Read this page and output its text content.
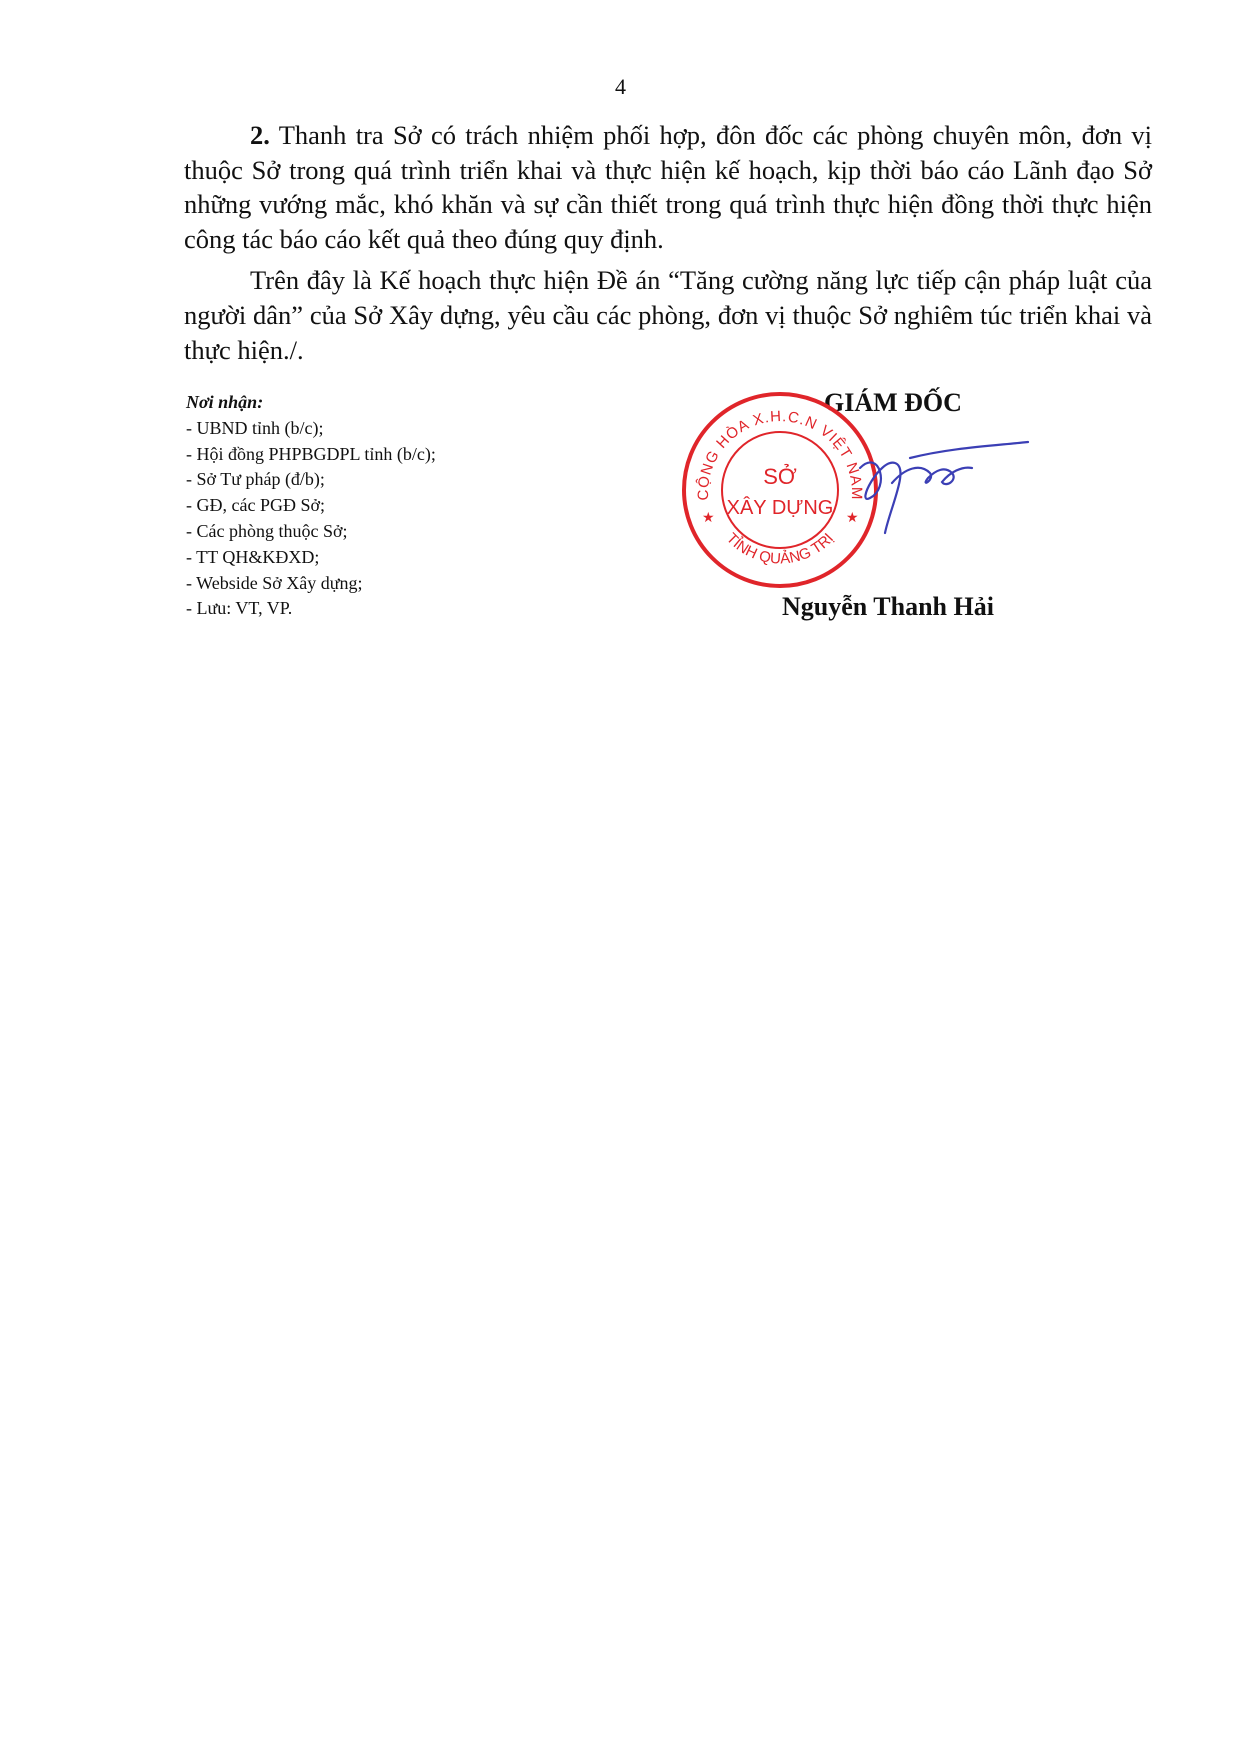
4

2. Thanh tra Sở có trách nhiệm phối hợp, đôn đốc các phòng chuyên môn, đơn vị thuộc Sở trong quá trình triển khai và thực hiện kế hoạch, kịp thời báo cáo Lãnh đạo Sở những vướng mắc, khó khăn và sự cần thiết trong quá trình thực hiện đồng thời thực hiện công tác báo cáo kết quả theo đúng quy định.

Trên đây là Kế hoạch thực hiện Đề án “Tăng cường năng lực tiếp cận pháp luật của người dân” của Sở Xây dựng, yêu cầu các phòng, đơn vị thuộc Sở nghiêm túc triển khai và thực hiện./.

Nơi nhận:
- UBND tỉnh (b/c);
- Hội đồng PHPBGDPL tỉnh (b/c);
- Sở Tư pháp (đ/b);
- GĐ, các PGĐ Sở;
- Các phòng thuộc Sở;
- TT QH&KĐXD;
- Webside Sở Xây dựng;
- Lưu: VT, VP.
GIÁM ĐỐC
CỘNG HÒA X.H.C.N VIỆT NAM
TỈNH QUẢNG TRỊ
★	★
SỞ
XÂY DỰNG
Nguyễn Thanh Hải
